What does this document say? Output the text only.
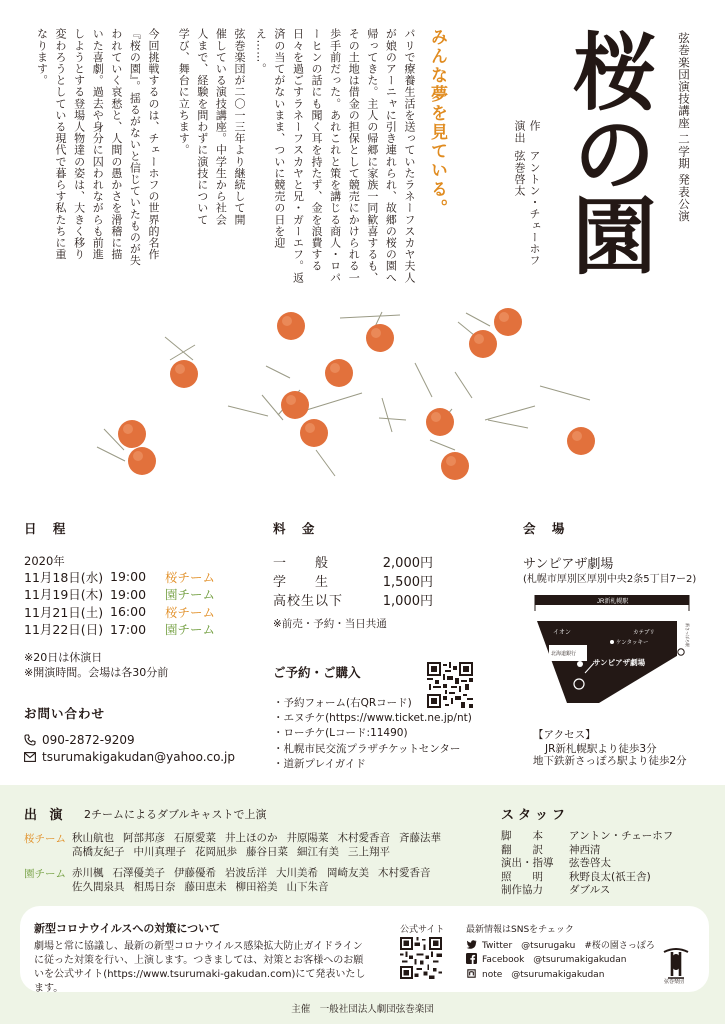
弦巻楽団演技講座 二学期 発表公演
桜の園
作
演出
アントン・チェーホフ
弦巻啓太
みんな夢を見ている。
パリで療養生活を送っていたラネーフスカヤ夫人が娘のアーニャに引き連れられ、故郷の桜の園へ帰ってきた。主人の帰郷に家族一同歓喜するも、その土地は借金の担保として競売にかけられる一歩手前だった。あれこれと策を講じる商人・ロパーヒンの話にも聞く耳を持たず、金を浪費する日々を過ごすラネーフスカヤと兄・ガーエフ。返済の当てがないまま、ついに競売の日を迎え……。
弦巻楽団が二〇一三年より継続して開催している演技講座。中学生から社会人まで、経験を問わずに演技について学び、舞台に立ちます。
今回挑戦するのは、チェーホフの世界的名作『桜の園』。揺るがないと信じていたものが失われていく哀愁と、人間の愚かさを滑稽に描いた喜劇。過去や身分に囚われながらも前進しようとする登場人物達の姿は、大きく移り変わろうとしている現代で暮らす私たちに重なります。
日 程
2020年
11月18日(水) 19:00	桜チーム
11月19日(木) 19:00	園チーム
11月21日(土) 16:00	桜チーム
11月22日(日) 17:00	園チーム
※20日は休演日
※開演時間。会場は各30分前
お問い合わせ
090-2872-9209
tsurumakigakudan@yahoo.co.jp
料 金
一　　般	2,000円
学　　生	1,500円
高校生以下	1,000円
※前売・予約・当日共通
ご予約・ご購入
・予約フォーム(右QRコード)
・エヌチケ(https://www.ticket.ne.jp/nt)
・ローチケ(Lコード:11490)
・札幌市民交流プラザチケットセンター
・道新プレイガイド
会 場
サンピアザ劇場
(札幌市厚別区厚別中央2条5丁目7ー2)
JR新札幌駅
新さっぽろ駅
イオン	カテプリ
ケンタッキー
北海道銀行
サンピアザ劇場
【アクセス】
JR新札幌駅より徒歩3分
地下鉄新さっぽろ駅より徒歩2分
出 演 2チームによるダブルキャストで上演
桜チーム 秋山航也 阿部邦彦 石原愛菜 井上ほのか 井原陽菜 木村愛香音 斉藤法華
高橋友紀子 中川真理子 花岡凪歩 藤谷日菜 細江有美 三上翔平
園チーム 赤川楓 石澤優美子 伊藤優希 岩波岳洋 大川美希 岡崎友美 木村愛香音
佐久間泉具 相馬日奈 藤田恵未 柳田裕美 山下朱音
スタッフ
脚　　本	アントン・チェーホフ
翻　　訳	神西清
演出・指導	弦巻啓太
照　　明	秋野良太(祇王舎)
制作協力	ダブルス
新型コロナウイルスへの対策について
劇場と常に協議し、最新の新型コロナウイルス感染拡大防止ガイドラインに従った対策を行い、上演します。つきましては、対策とお客様へのお願いを公式サイト(https://www.tsurumaki-gakudan.com)にて発表いたします。
公式サイト 最新情報はSNSをチェック
Twitter　@tsurugaku　#桜の園さっぽろ
Facebook　@tsurumakigakudan
note　@tsurumakigakudan
弦巻楽団
主催　一般社団法人劇団弦巻楽団
